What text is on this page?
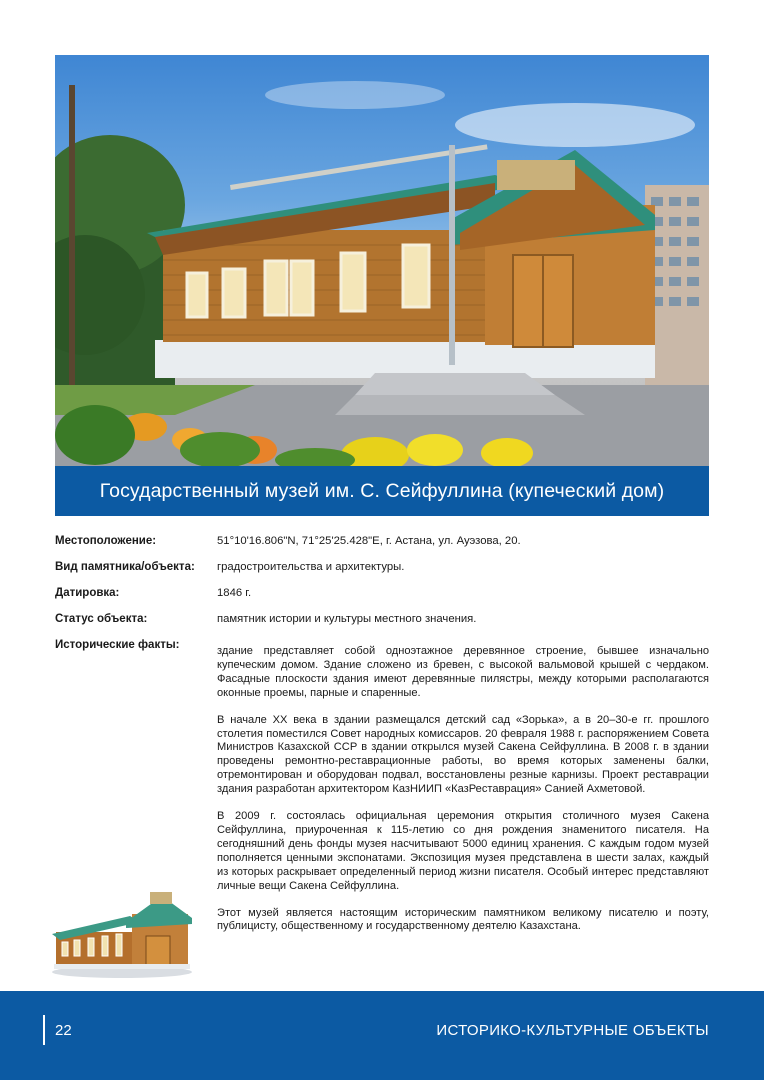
Государственный музей им. С. Сейфуллина (купеческий дом)
Местоположение:	51°10'16.806"N, 71°25'25.428"E, г. Астана, ул. Ауэзова, 20.
Вид памятника/объекта:	градостроительства и архитектуры.
Датировка:	1846 г.
Статус объекта:	памятник истории и культуры местного значения.
Исторические факты:	здание представляет собой одноэтажное деревянное строение, бывшее изначально купеческим домом. Здание сложено из бревен, с высокой вальмовой крышей с чердаком. Фасадные плоскости здания имеют деревянные пилястры, между которыми располагаются оконные проемы, парные и спаренные.

В начале ХХ века в здании размещался детский сад «Зорька», а в 20–30-е гг. прошлого столетия поместился Совет народных комиссаров. 20 февраля 1988 г. распоряжением Совета Министров Казахской ССР в здании открылся музей Сакена Сейфуллина. В 2008 г. в здании проведены ремонтно-реставрационные работы, во время которых заменены балки, отремонтирован и оборудован подвал, восстановлены резные карнизы. Проект реставрации здания разработан архитектором КазНИИП «КазРеставрация» Санией Ахметовой.

В 2009 г. состоялась официальная церемония открытия столичного музея Сакена Сейфуллина, приуроченная к 115-летию со дня рождения знаменитого писателя. На сегодняшний день фонды музея насчитывают 5000 единиц хранения. С каждым годом музей пополняется ценными экспонатами. Экспозиция музея представлена в шести залах, каждый из которых раскрывает определенный период жизни писателя. Особый интерес представляют личные вещи Сакена Сейфуллина.

Этот музей является настоящим историческим памятником великому писателю и поэту, публицисту, общественному и государственному деятелю Казахстана.

22	ИСТОРИКО-КУЛЬТУРНЫЕ ОБЪЕКТЫ
